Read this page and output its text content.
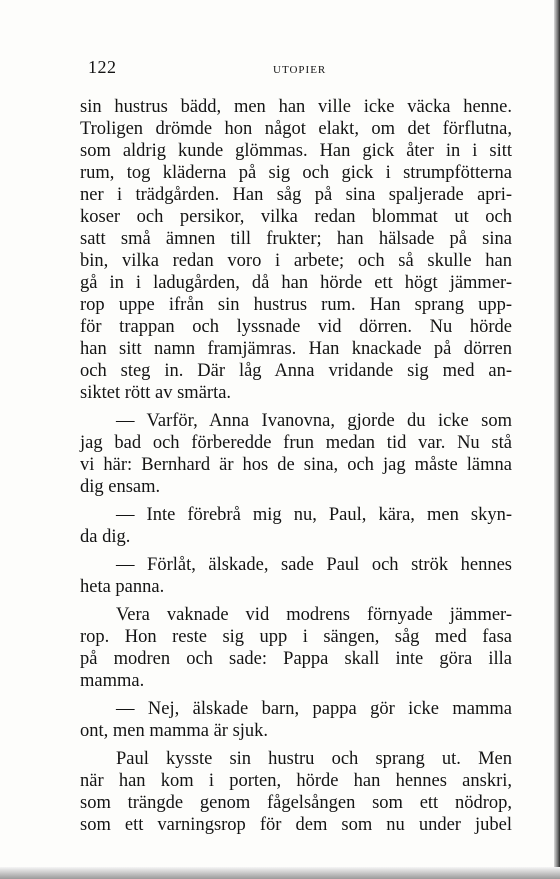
122	UTOPIER

sin hustrus bädd, men han ville icke väcka henne.
Troligen drömde hon något elakt, om det förflutna,
som aldrig kunde glömmas. Han gick åter in i sitt
rum, tog kläderna på sig och gick i strumpfötterna
ner i trädgården. Han såg på sina spaljerade apri-
koser och persikor, vilka redan blommat ut och
satt små ämnen till frukter; han hälsade på sina
bin, vilka redan voro i arbete; och så skulle han
gå in i ladugården, då han hörde ett högt jämmer-
rop uppe ifrån sin hustrus rum. Han sprang upp-
för trappan och lyssnade vid dörren. Nu hörde
han sitt namn framjämras. Han knackade på dörren
och steg in. Där låg Anna vridande sig med an-
siktet rött av smärta.

— Varför, Anna Ivanovna, gjorde du icke som
jag bad och förberedde frun medan tid var. Nu stå
vi här: Bernhard är hos de sina, och jag måste lämna
dig ensam.

— Inte förebrå mig nu, Paul, kära, men skyn-
da dig.

— Förlåt, älskade, sade Paul och strök hennes
heta panna.

Vera vaknade vid modrens förnyade jämmer-
rop. Hon reste sig upp i sängen, såg med fasa
på modren och sade: Pappa skall inte göra illa
mamma.

— Nej, älskade barn, pappa gör icke mamma
ont, men mamma är sjuk.

Paul kysste sin hustru och sprang ut. Men
när han kom i porten, hörde han hennes anskri,
som trängde genom fågelsången som ett nödrop,
som ett varningsrop för dem som nu under jubel
